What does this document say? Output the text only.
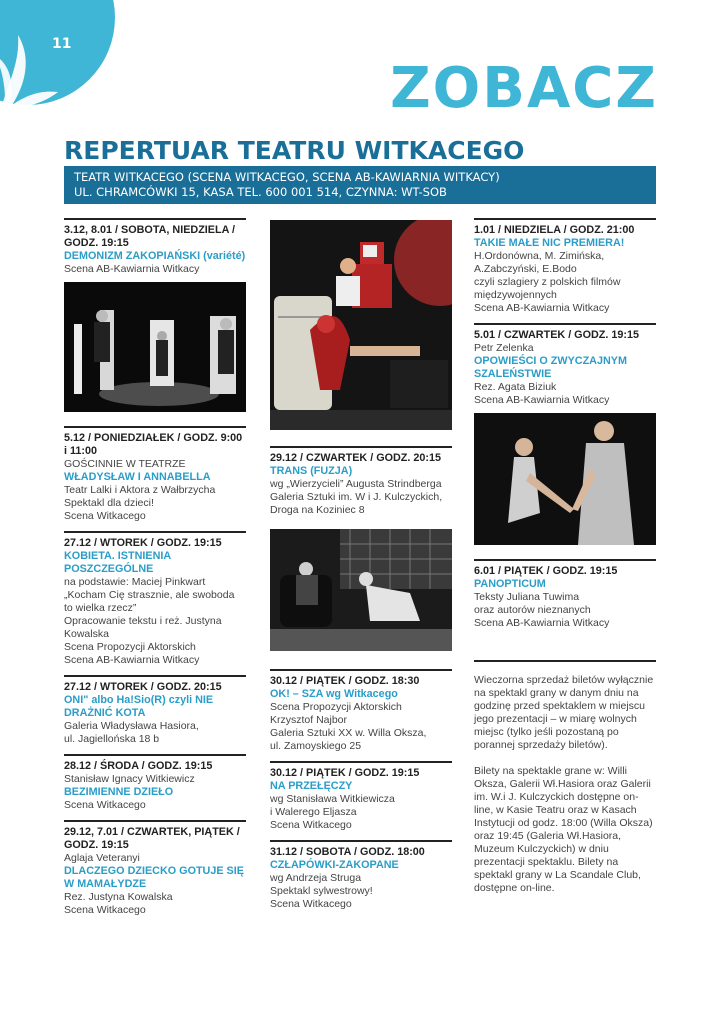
11
ZOBACZ
REPERTUAR TEATRU WITKACEGO
TEATR WITKACEGO (SCENA WITKACEGO, SCENA AB-KAWIARNIA WITKACY)
UL. CHRAMCÓWKI 15, KASA TEL. 600 001 514, CZYNNA: WT-SOB
3.12, 8.01 / SOBOTA, NIEDZIELA / GODZ. 19:15
DEMONIZM ZAKOPIAŃSKI (variété)
Scena AB-Kawiarnia Witkacy
5.12 / PONIEDZIAŁEK / GODZ. 9:00 i 11:00
GOŚCINNIE W TEATRZE
WŁADYSŁAW I ANNABELLA
Teatr Lalki i Aktora z Wałbrzycha
Spektakl dla dzieci!
Scena Witkacego
27.12 / WTOREK / GODZ. 19:15
KOBIETA. ISTNIENIA POSZCZEGÓLNE
na podstawie: Maciej Pinkwart „Kocham Cię strasznie, ale swoboda to wielka rzecz”
Opracowanie tekstu i reż. Justyna Kowalska
Scena Propozycji Aktorskich
Scena AB-Kawiarnia Witkacy
27.12 / WTOREK / GODZ. 20:15
ONI" albo Ha!Sio(R) czyli NIE DRAŻNIĆ KOTA
Galeria Władysława Hasiora,
ul. Jagiellońska 18 b
28.12 / ŚRODA / GODZ. 19:15
Stanisław Ignacy Witkiewicz
BEZIMIENNE DZIEŁO
Scena Witkacego
29.12, 7.01 / CZWARTEK, PIĄTEK / GODZ. 19:15
Aglaja Veteranyi
DLACZEGO DZIECKO GOTUJE SIĘ W MAMAŁYDZE
Rez. Justyna Kowalska
Scena Witkacego
29.12 / CZWARTEK / GODZ. 20:15
TRANS (FUZJA)
wg „Wierzycieli” Augusta Strindberga
Galeria Sztuki im. W i J. Kulczyckich,
Droga na Koziniec 8
30.12 / PIĄTEK / GODZ. 18:30
OK! – SZA wg Witkacego
Scena Propozycji Aktorskich
Krzysztof Najbor
Galeria Sztuki XX w. Willa Oksza,
ul. Zamoyskiego 25
30.12 / PIĄTEK / GODZ. 19:15
NA PRZEŁĘCZY
wg Stanisława Witkiewicza
i Walerego Eljasza
Scena Witkacego
31.12 / SOBOTA / GODZ. 18:00
CZŁAPÓWKI-ZAKOPANE
wg Andrzeja Struga
Spektakl sylwestrowy!
Scena Witkacego
1.01 / NIEDZIELA / GODZ. 21:00
TAKIE MAŁE NIC PREMIERA!
H.Ordonówna, M. Zimińska, A.Zabczyński, E.Bodo
czyli szlagiery z polskich filmów międzywojennych
Scena AB-Kawiarnia Witkacy
5.01 / CZWARTEK / GODZ. 19:15
Petr Zelenka
OPOWIEŚCI O ZWYCZAJNYM SZALEŃSTWIE
Rez. Agata Biziuk
Scena AB-Kawiarnia Witkacy
6.01 / PIĄTEK / GODZ. 19:15
PANOPTICUM
Teksty Juliana Tuwima
oraz autorów nieznanych
Scena AB-Kawiarnia Witkacy
Wieczorna sprzedaż biletów wyłącznie na spektakl grany w danym dniu na godzinę przed spektaklem w miejscu jego prezentacji – w miarę wolnych miejsc (tylko jeśli pozostaną po porannej sprzedaży biletów).
Bilety na spektakle grane w: Willi Oksza, Galerii Wł.Hasiora oraz Galerii im. W.i J. Kulczyckich dostępne on-line, w Kasie Teatru oraz w Kasach Instytucji od godz. 18:00 (Willa Oksza) oraz 19:45 (Galeria Wł.Hasiora, Muzeum Kulczyckich) w dniu prezentacji spektaklu. Bilety na spektakl grany w La Scandale Club, dostępne on-line.
